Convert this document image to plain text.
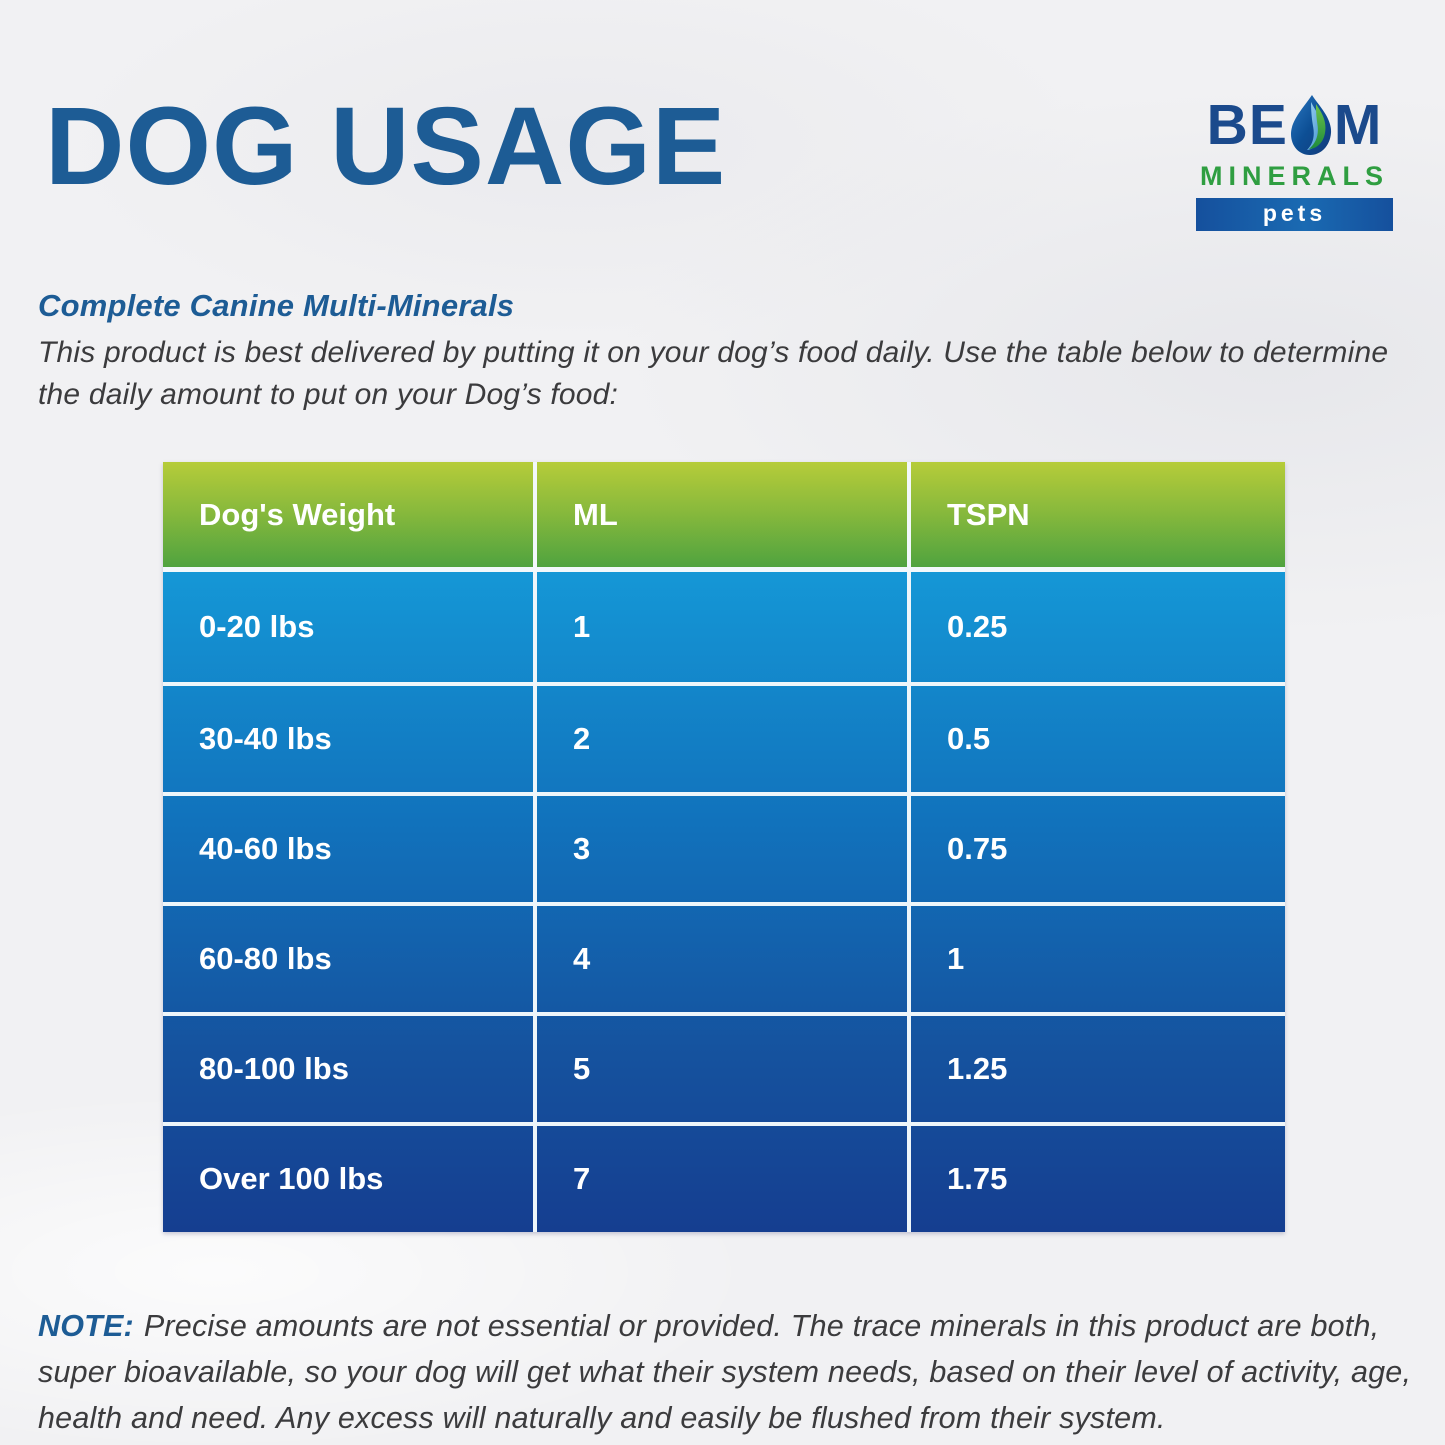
DOG USAGE	BE M
MINERALS
pets
Complete Canine Multi-Minerals

This product is best delivered by putting it on your dog’s food daily. Use the table below to determine the daily amount to put on your Dog’s food:

Dog's Weight	ML	TSPN
0-20 lbs	1	0.25
30-40 lbs	2	0.5
40-60 lbs	3	0.75
60-80 lbs	4	1
80-100 lbs	5	1.25
Over 100 lbs	7	1.75

NOTE: Precise amounts are not essential or provided. The trace minerals in this product are both, super bioavailable, so your dog will get what their system needs, based on their level of activity, age, health and need. Any excess will naturally and easily be flushed from their system.
